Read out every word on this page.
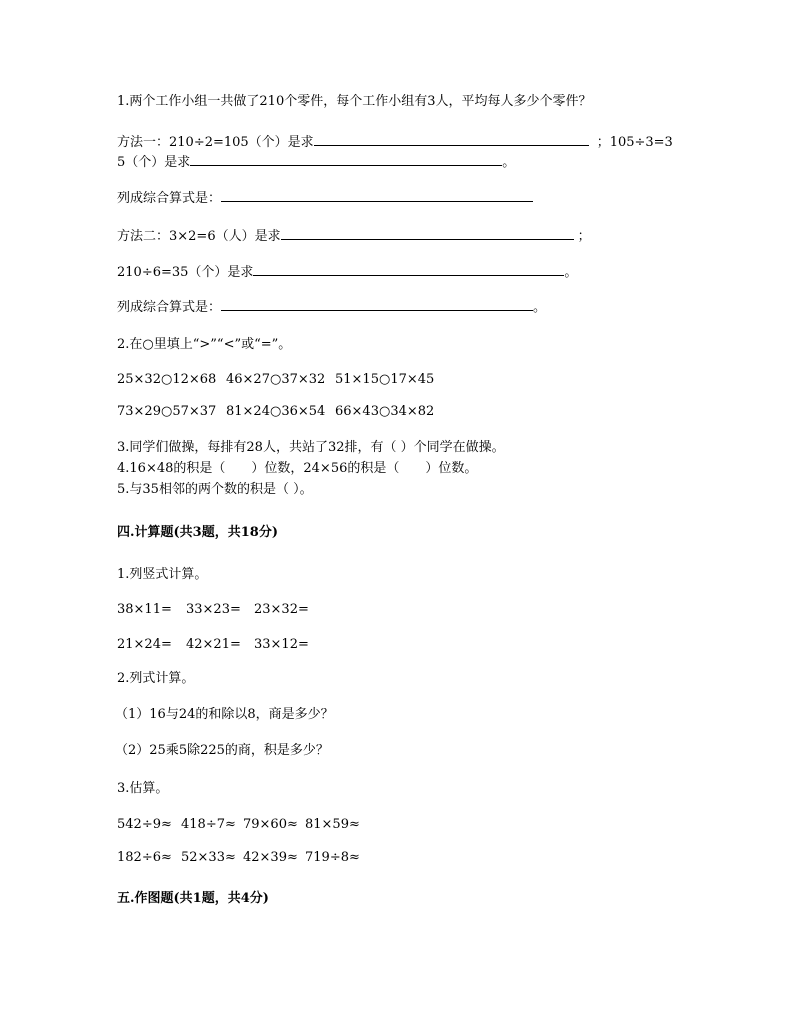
1.两个工作小组一共做了210个零件，每个工作小组有3人，平均每人多少个零件？
方法一：210÷2=105（个）是求	；105÷3=3
5（个）是求	。
列成综合算式是：
方法二：3×2=6（人）是求	；
210÷6=35（个）是求	。
列成综合算式是：	。
2.在○里填上“>”“<”或“=”。
25×32○12×68 46×27○37×32 51×15○17×45
73×29○57×37 81×24○36×54 66×43○34×82
3.同学们做操，每排有28人，共站了32排，有（ ）个同学在做操。
4.16×48的积是（　　）位数，24×56的积是（　　）位数。
5.与35相邻的两个数的积是（ ）。
四.计算题(共3题，共18分)
1.列竖式计算。
38×11= 33×23= 23×32=
21×24= 42×21= 33×12=
2.列式计算。
（1）16与24的和除以8，商是多少？
（2）25乘5除225的商，积是多少？
3.估算。
542÷9≈ 418÷7≈ 79×60≈ 81×59≈
182÷6≈ 52×33≈ 42×39≈ 719÷8≈
五.作图题(共1题，共4分)
